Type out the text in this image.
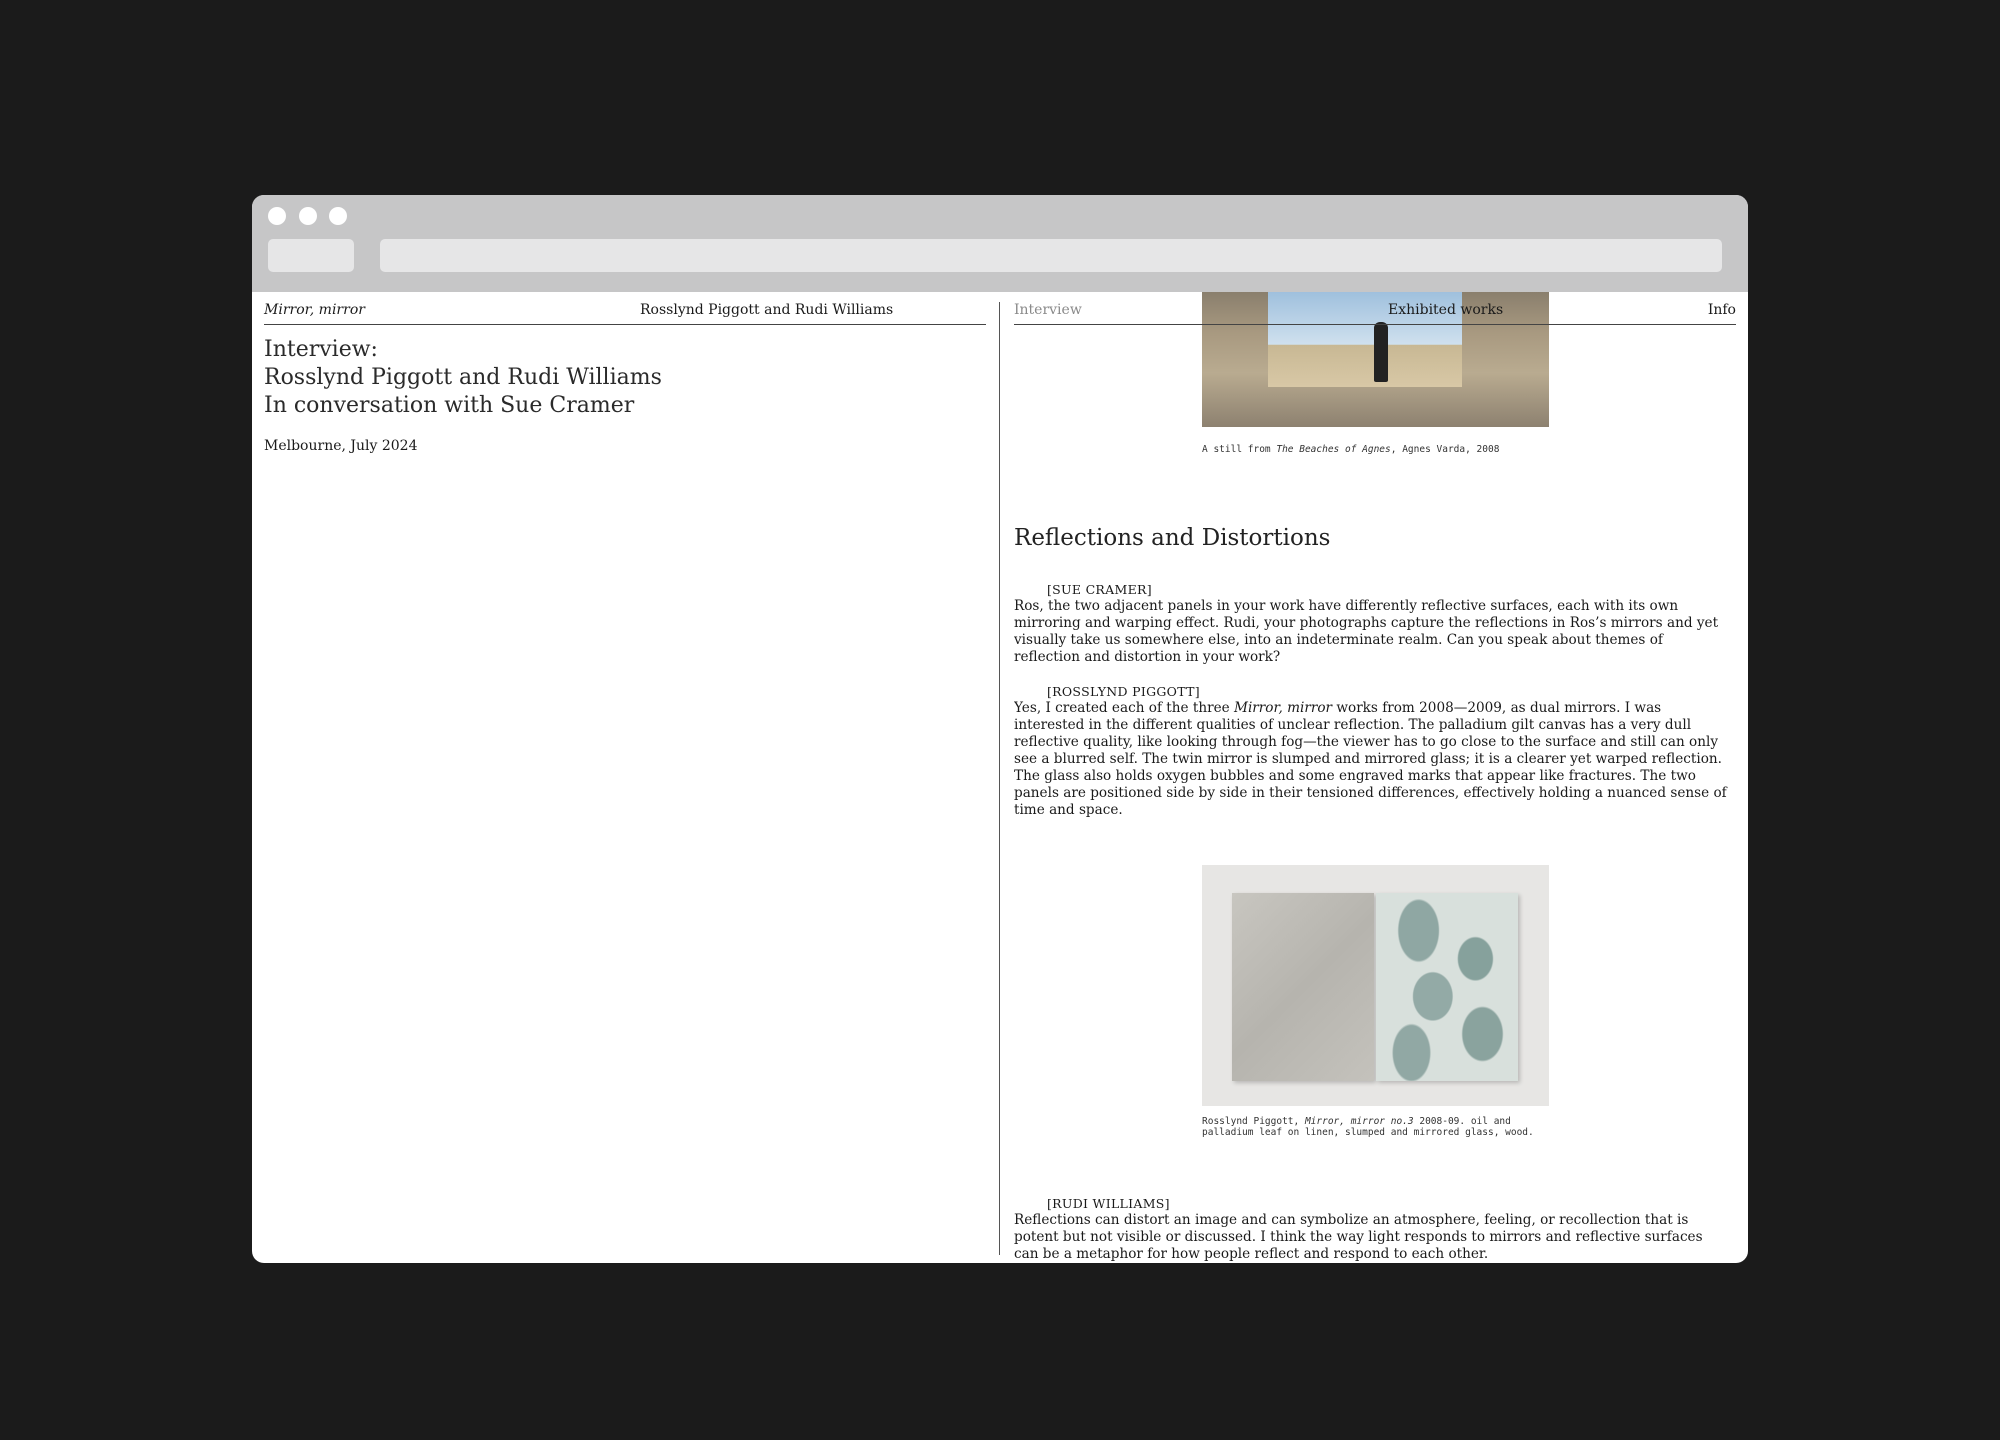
Mirror, mirror	Rosslynd Piggott and Rudi Williams
Interview:
Rosslynd Piggott and Rudi Williams
In conversation with Sue Cramer
Melbourne, July 2024
Interview	Exhibited works	Info
A still from The Beaches of Agnes, Agnes Varda, 2008
Reflections and Distortions
[SUE CRAMER]
Ros, the two adjacent panels in your work have differently reflective surfaces, each with its own mirroring and warping effect. Rudi, your photographs capture the reflections in Ros’s mirrors and yet visually take us somewhere else, into an indeterminate realm. Can you speak about themes of reflection and distortion in your work?
[ROSSLYND PIGGOTT]
Yes, I created each of the three Mirror, mirror works from 2008—2009, as dual mirrors. I was interested in the different qualities of unclear reflection. The palladium gilt canvas has a very dull reflective quality, like looking through fog—the viewer has to go close to the surface and still can only see a blurred self. The twin mirror is slumped and mirrored glass; it is a clearer yet warped reflection. The glass also holds oxygen bubbles and some engraved marks that appear like fractures. The two panels are positioned side by side in their tensioned differences, effectively holding a nuanced sense of time and space.
Rosslynd Piggott, Mirror, mirror no.3 2008-09. oil and palladium leaf on linen, slumped and mirrored glass, wood.
[RUDI WILLIAMS]
Reflections can distort an image and can symbolize an atmosphere, feeling, or recollection that is potent but not visible or discussed. I think the way light responds to mirrors and reflective surfaces can be a metaphor for how people reflect and respond to each other.
